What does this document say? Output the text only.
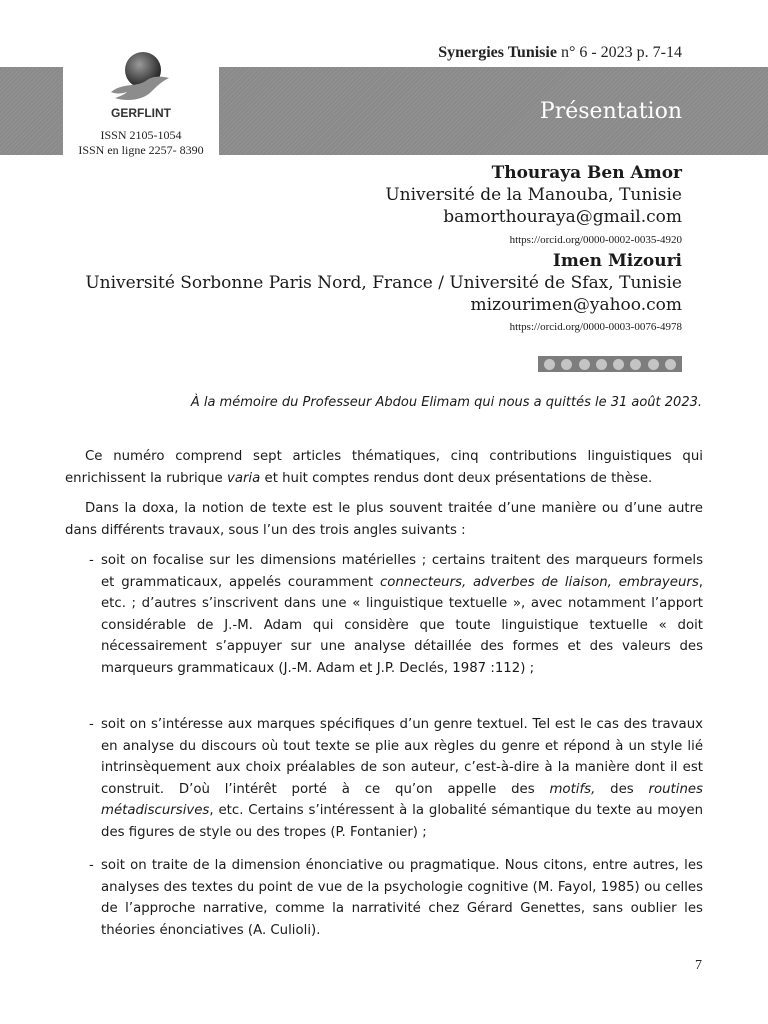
Synergies Tunisie n° 6 - 2023 p. 7-14
Présentation
GERFLINT
ISSN 2105-1054
ISSN en ligne 2257- 8390
Thouraya Ben Amor
Université de la Manouba, Tunisie
bamorthouraya@gmail.com
https://orcid.org/0000-0002-0035-4920
Imen Mizouri
Université Sorbonne Paris Nord, France / Université de Sfax, Tunisie
mizourimen@yahoo.com
https://orcid.org/0000-0003-0076-4978
À la mémoire du Professeur Abdou Elimam qui nous a quittés le 31 août 2023.

Ce numéro comprend sept articles thématiques, cinq contributions linguistiques qui enrichissent la rubrique varia et huit comptes rendus dont deux présentations de thèse.

Dans la doxa, la notion de texte est le plus souvent traitée d’une manière ou d’une autre dans différents travaux, sous l’un des trois angles suivants :

- soit on focalise sur les dimensions matérielles ; certains traitent des marqueurs formels et grammaticaux, appelés couramment connecteurs, adverbes de liaison, embrayeurs, etc. ; d’autres s’inscrivent dans une « linguistique textuelle », avec notamment l’apport considérable de J.-M. Adam qui considère que toute linguistique textuelle « doit nécessairement s’appuyer sur une analyse détaillée des formes et des valeurs des marqueurs grammaticaux (J.-M. Adam et J.P. Declés, 1987 :112) ;
- soit on s’intéresse aux marques spécifiques d’un genre textuel. Tel est le cas des travaux en analyse du discours où tout texte se plie aux règles du genre et répond à un style lié intrinsèquement aux choix préalables de son auteur, c’est-à-dire à la manière dont il est construit. D’où l’intérêt porté à ce qu’on appelle des motifs, des routines métadiscursives, etc. Certains s’intéressent à la globalité sémantique du texte au moyen des figures de style ou des tropes (P. Fontanier) ;
- soit on traite de la dimension énonciative ou pragmatique. Nous citons, entre autres, les analyses des textes du point de vue de la psychologie cognitive (M. Fayol, 1985) ou celles de l’approche narrative, comme la narrativité chez Gérard Genettes, sans oublier les théories énonciatives (A. Culioli).
7
